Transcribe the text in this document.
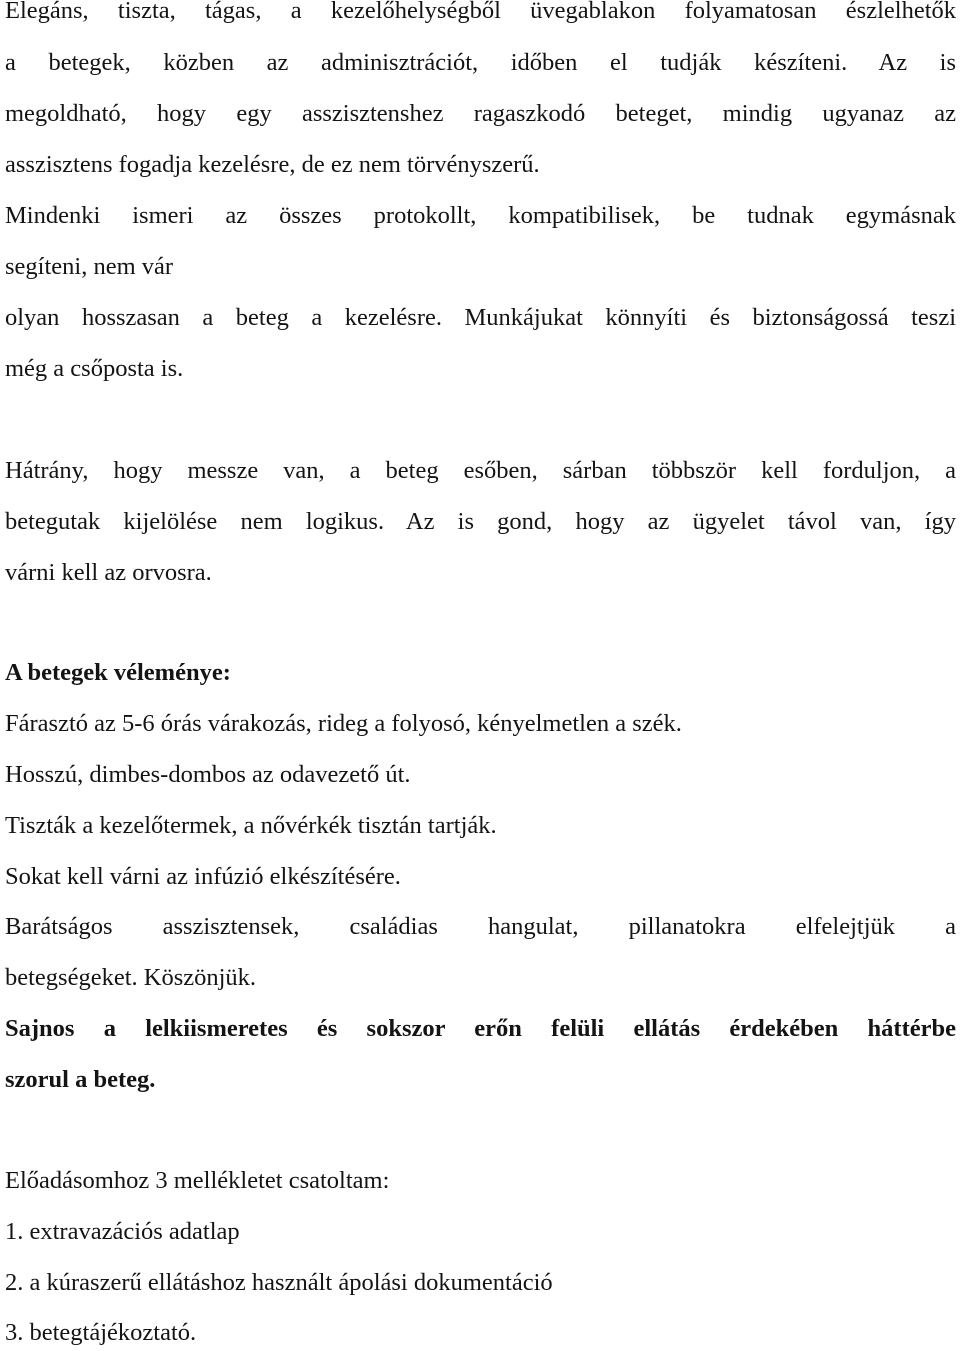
Elegáns, tiszta, tágas, a kezelőhelységből üvegablakon folyamatosan észlelhetők
a betegek, közben az adminisztrációt, időben el tudják készíteni. Az is
megoldható, hogy egy asszisztenshez ragaszkodó beteget, mindig ugyanaz az
asszisztens fogadja kezelésre, de ez nem törvényszerű.
Mindenki ismeri az összes protokollt, kompatibilisek, be tudnak egymásnak
segíteni, nem vár
olyan hosszasan a beteg a kezelésre. Munkájukat könnyíti és biztonságossá teszi
még a csőposta is.
Hátrány, hogy messze van, a beteg esőben, sárban többször kell forduljon, a
betegutak kijelölése nem logikus. Az is gond, hogy az ügyelet távol van, így
várni kell az orvosra.
A betegek véleménye:
Fárasztó az 5-6 órás várakozás, rideg a folyosó, kényelmetlen a szék.
Hosszú, dimbes-dombos az odavezető út.
Tiszták a kezelőtermek, a nővérkék tisztán tartják.
Sokat kell várni az infúzió elkészítésére.
Barátságos asszisztensek, családias hangulat, pillanatokra elfelejtjük a
betegségeket. Köszönjük.
Sajnos a lelkiismeretes és sokszor erőn felüli ellátás érdekében háttérbe
szorul a beteg.
Előadásomhoz 3 mellékletet csatoltam:
1. extravazációs adatlap
2. a kúraszerű ellátáshoz használt ápolási dokumentáció
3. betegtájékoztató.
